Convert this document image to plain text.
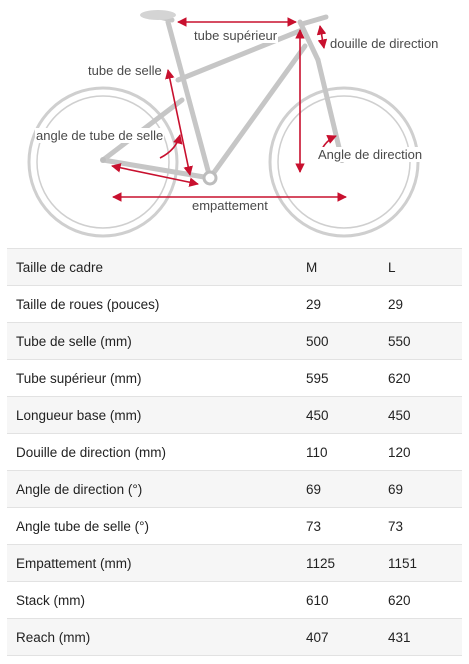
tube supérieur
douille de direction
tube de selle
angle de tube de selle
Angle de direction
empattement
Taille de cadre	M	L
Taille de roues (pouces)	29	29
Tube de selle (mm)	500	550
Tube supérieur (mm)	595	620
Longueur base (mm)	450	450
Douille de direction (mm)	110	120
Angle de direction (°)	69	69
Angle tube de selle (°)	73	73
Empattement (mm)	1125	1151
Stack (mm)	610	620
Reach (mm)	407	431
